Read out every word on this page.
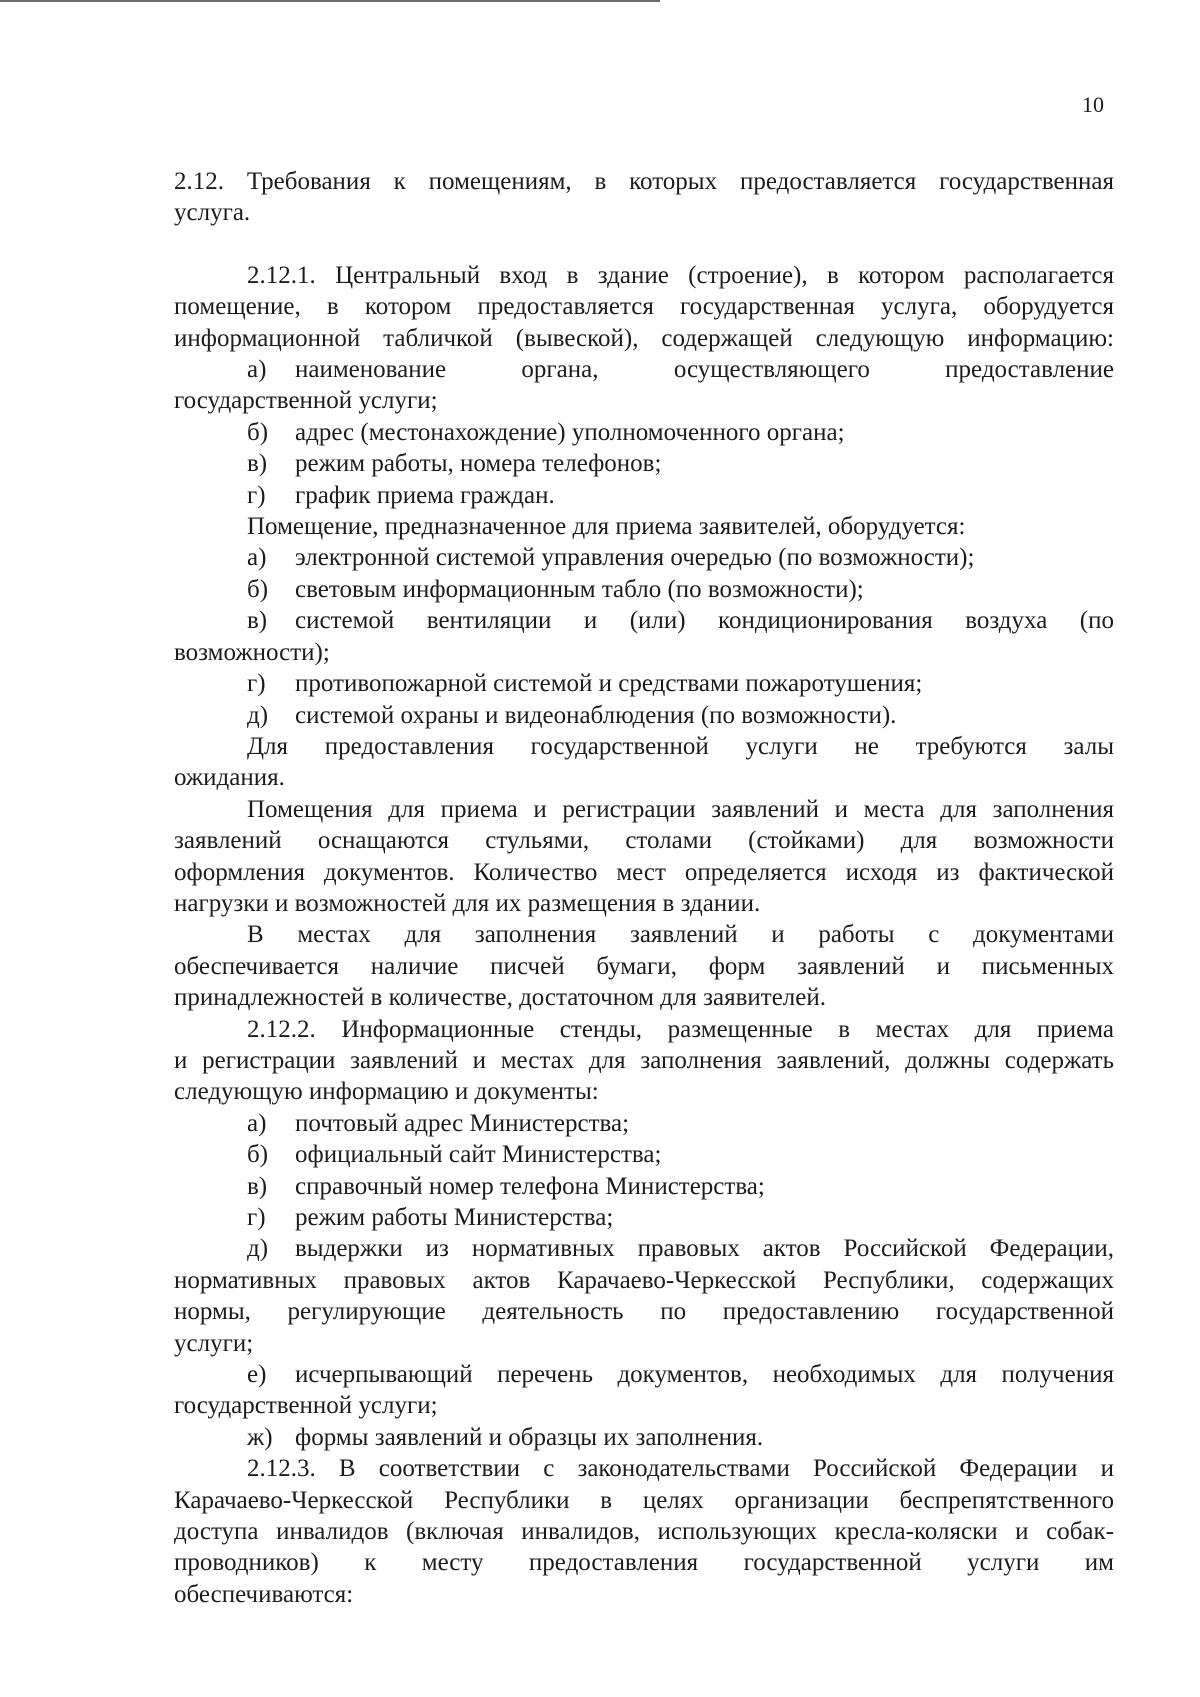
10
2.12. Требования к помещениям, в которых предоставляется государственная
услуга.
2.12.1. Центральный вход в здание (строение), в котором располагается
помещение, в котором предоставляется государственная услуга, оборудуется
информационной табличкой (вывеской), содержащей следующую информацию:
а) наименование органа, осуществляющего предоставление
государственной услуги;
б) адрес (местонахождение) уполномоченного органа;
в) режим работы, номера телефонов;
г) график приема граждан.
Помещение, предназначенное для приема заявителей, оборудуется:
а) электронной системой управления очередью (по возможности);
б) световым информационным табло (по возможности);
в) системой вентиляции и (или) кондиционирования воздуха (по
возможности);
г) противопожарной системой и средствами пожаротушения;
д) системой охраны и видеонаблюдения (по возможности).
Для предоставления государственной услуги не требуются залы
ожидания.
Помещения для приема и регистрации заявлений и места для заполнения
заявлений оснащаются стульями, столами (стойками) для возможности
оформления документов. Количество мест определяется исходя из фактической
нагрузки и возможностей для их размещения в здании.
В местах для заполнения заявлений и работы с документами
обеспечивается наличие писчей бумаги, форм заявлений и письменных
принадлежностей в количестве, достаточном для заявителей.
2.12.2. Информационные стенды, размещенные в местах для приема
и регистрации заявлений и местах для заполнения заявлений, должны содержать
следующую информацию и документы:
а) почтовый адрес Министерства;
б) официальный сайт Министерства;
в) справочный номер телефона Министерства;
г) режим работы Министерства;
д) выдержки из нормативных правовых актов Российской Федерации,
нормативных правовых актов Карачаево-Черкесской Республики, содержащих
нормы, регулирующие деятельность по предоставлению государственной
услуги;
е) исчерпывающий перечень документов, необходимых для получения
государственной услуги;
ж) формы заявлений и образцы их заполнения.
2.12.3. В соответствии с законодательствами Российской Федерации и
Карачаево-Черкесской Республики в целях организации беспрепятственного
доступа инвалидов (включая инвалидов, использующих кресла-коляски и собак-
проводников) к месту предоставления государственной услуги им
обеспечиваются:
